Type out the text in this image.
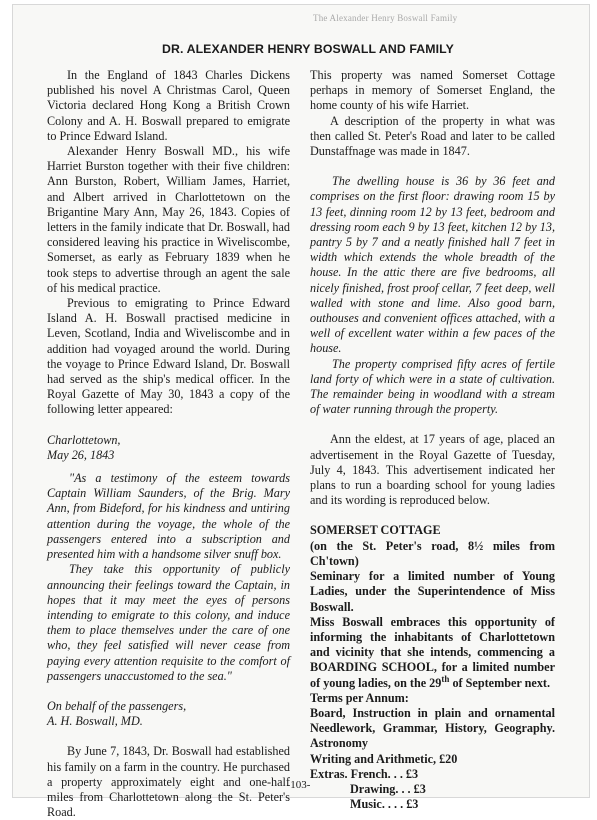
The Alexander Henry Boswall Family
DR. ALEXANDER HENRY BOSWALL AND FAMILY

In the England of 1843 Charles Dickens published his novel A Christmas Carol, Queen Victoria declared Hong Kong a British Crown Colony and A. H. Boswall prepared to emigrate to Prince Edward Island.

Alexander Henry Boswall MD., his wife Harriet Burston together with their five children: Ann Burston, Robert, William James, Harriet, and Albert arrived in Charlottetown on the Brigantine Mary Ann, May 26, 1843. Copies of letters in the family indicate that Dr. Boswall, had considered leaving his practice in Wiveliscombe, Somerset, as early as February 1839 when he took steps to advertise through an agent the sale of his medical practice.

Previous to emigrating to Prince Edward Island A. H. Boswall practised medicine in Leven, Scotland, India and Wiveliscombe and in addition had voyaged around the world. During the voyage to Prince Edward Island, Dr. Boswall had served as the ship's medical officer. In the Royal Gazette of May 30, 1843 a copy of the following letter appeared:

Charlottetown,

May 26, 1843

"As a testimony of the esteem towards Captain William Saunders, of the Brig. Mary Ann, from Bideford, for his kindness and untiring attention during the voyage, the whole of the passengers entered into a subscription and presented him with a handsome silver snuff box.

They take this opportunity of publicly announcing their feelings toward the Captain, in hopes that it may meet the eyes of persons intending to emigrate to this colony, and induce them to place themselves under the care of one who, they feel satisfied will never cease from paying every attention requisite to the comfort of passengers unaccustomed to the sea."

On behalf of the passengers,

A. H. Boswall, MD.

By June 7, 1843, Dr. Boswall had established his family on a farm in the country. He purchased a property approximately eight and one-half miles from Charlottetown along the St. Peter's Road.

This property was named Somerset Cottage perhaps in memory of Somerset England, the home county of his wife Harriet.

A description of the property in what was then called St. Peter's Road and later to be called Dunstaffnage was made in 1847.

The dwelling house is 36 by 36 feet and comprises on the first floor: drawing room 15 by 13 feet, dinning room 12 by 13 feet, bedroom and dressing room each 9 by 13 feet, kitchen 12 by 13, pantry 5 by 7 and a neatly finished hall 7 feet in width which extends the whole breadth of the house. In the attic there are five bedrooms, all nicely finished, frost proof cellar, 7 feet deep, well walled with stone and lime. Also good barn, outhouses and convenient offices attached, with a well of excellent water within a few paces of the house.

The property comprised fifty acres of fertile land forty of which were in a state of cultivation. The remainder being in woodland with a stream of water running through the property.

Ann the eldest, at 17 years of age, placed an advertisement in the Royal Gazette of Tuesday, July 4, 1843. This advertisement indicated her plans to run a boarding school for young ladies and its wording is reproduced below.

SOMERSET COTTAGE

(on the St. Peter's road, 8½ miles from Ch'town)

Seminary for a limited number of Young Ladies, under the Superintendence of Miss Boswall.

Miss Boswall embraces this opportunity of informing the inhabitants of Charlottetown and vicinity that she intends, commencing a BOARDING SCHOOL, for a limited number of young ladies, on the 29th of September next.

Terms per Annum:

Board, Instruction in plain and ornamental Needlework, Grammar, History, Geography. Astronomy

Writing and Arithmetic, £20

Extras. French. . . £3

Drawing. . . £3

Music. . . . £3

-103-
